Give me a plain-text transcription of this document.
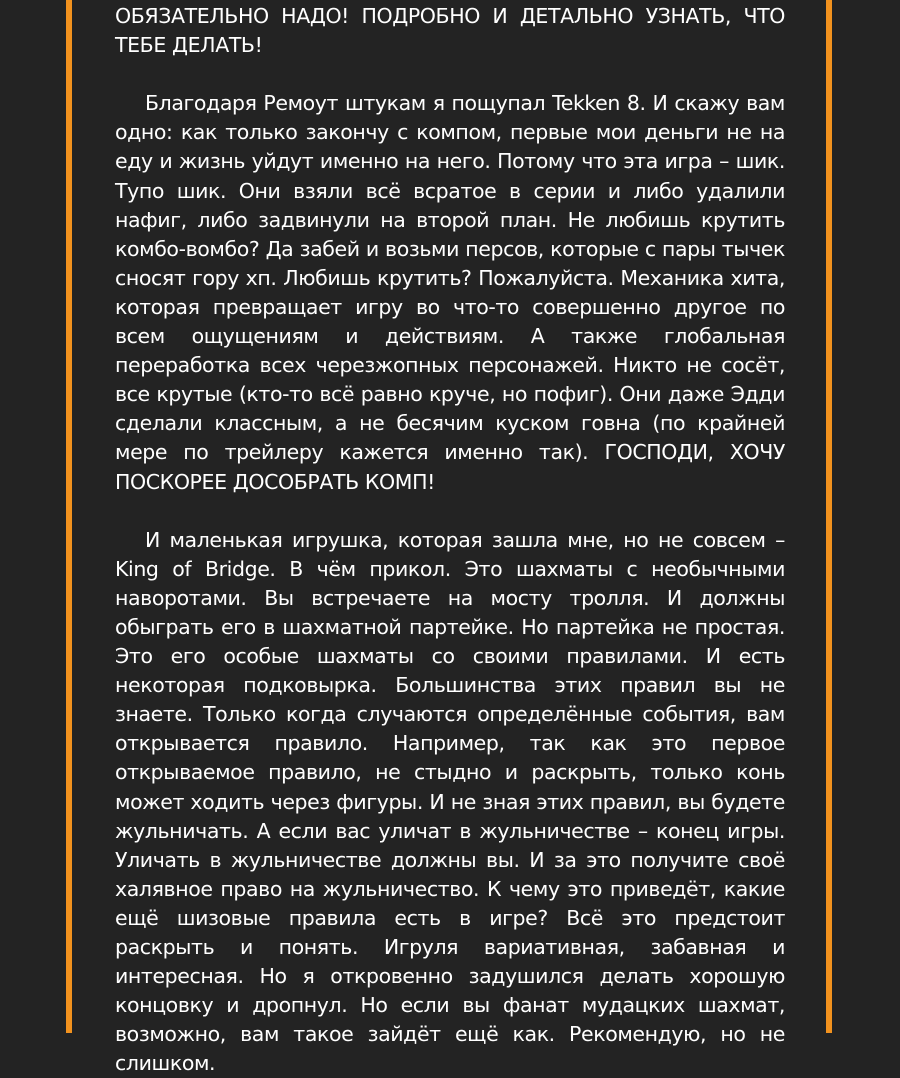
ОБЯЗАТЕЛЬНО НАДО! ПОДРОБНО И ДЕТАЛЬНО УЗНАТЬ, ЧТО ТЕБЕ ДЕЛАТЬ!

Благодаря Ремоут штукам я пощупал Tekken 8. И скажу вам одно: как только закончу с компом, первые мои деньги не на еду и жизнь уйдут именно на него. Потому что эта игра – шик. Тупо шик. Они взяли всё всратое в серии и либо удалили нафиг, либо задвинули на второй план. Не любишь крутить комбо-вомбо? Да забей и возьми персов, которые с пары тычек сносят гору хп. Любишь крутить? Пожалуйста. Механика хита, которая превращает игру во что-то совершенно другое по всем ощущениям и действиям. А также глобальная переработка всех черезжопных персонажей. Никто не сосёт, все крутые (кто-то всё равно круче, но пофиг). Они даже Эдди сделали классным, а не бесячим куском говна (по крайней мере по трейлеру кажется именно так). ГОСПОДИ, ХОЧУ ПОСКОРЕЕ ДОСОБРАТЬ КОМП!

И маленькая игрушка, которая зашла мне, но не совсем – King of Bridge. В чём прикол. Это шахматы с необычными наворотами. Вы встречаете на мосту тролля. И должны обыграть его в шахматной партейке. Но партейка не простая. Это его особые шахматы со своими правилами. И есть некоторая подковырка. Большинства этих правил вы не знаете. Только когда случаются определённые события, вам открывается правило. Например, так как это первое открываемое правило, не стыдно и раскрыть, только конь может ходить через фигуры. И не зная этих правил, вы будете жульничать. А если вас уличат в жульничестве – конец игры. Уличать в жульничестве должны вы. И за это получите своё халявное право на жульничество. К чему это приведёт, какие ещё шизовые правила есть в игре? Всё это предстоит раскрыть и понять. Игруля вариативная, забавная и интересная. Но я откровенно задушился делать хорошую концовку и дропнул. Но если вы фанат мудацких шахмат, возможно, вам такое зайдёт ещё как. Рекомендую, но не слишком.
